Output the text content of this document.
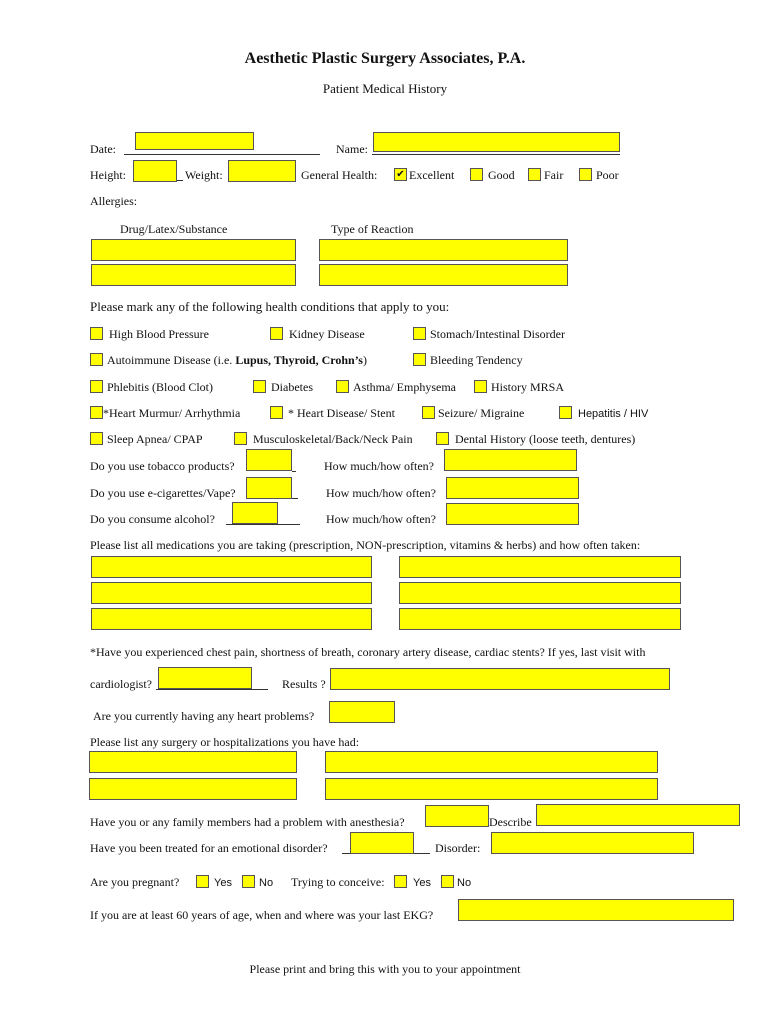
Aesthetic Plastic Surgery Associates, P.A.
Patient Medical History
Date:	Name:
Height:	Weight:	General Health: ✔ Excellent	Good Fair	Poor
Allergies:
Drug/Latex/Substance	Type of Reaction
Please mark any of the following health conditions that apply to you:
High Blood Pressure	Kidney Disease	Stomach/Intestinal Disorder
Autoimmune Disease (i.e. Lupus, Thyroid, Crohn’s)	Bleeding Tendency
Phlebitis (Blood Clot)	Diabetes	Asthma/ Emphysema	History MRSA
*Heart Murmur/ Arrhythmia	* Heart Disease/ Stent	Seizure/ Migraine	Hepatitis / HIV
Sleep Apnea/ CPAP	Musculoskeletal/Back/Neck Pain	Dental History (loose teeth, dentures)
Do you use tobacco products?	How much/how often?
Do you use e-cigarettes/Vape?	How much/how often?
Do you consume alcohol?	How much/how often?
Please list all medications you are taking (prescription, NON-prescription, vitamins & herbs) and how often taken:
*Have you experienced chest pain, shortness of breath, coronary artery disease, cardiac stents? If yes, last visit with
cardiologist?	Results ?
Are you currently having any heart problems?
Please list any surgery or hospitalizations you have had:
Have you or any family members had a problem with anesthesia?	Describe
Have you been treated for an emotional disorder?	Disorder:
Are you pregnant?	Yes No Trying to conceive:	Yes No
If you are at least 60 years of age, when and where was your last EKG?
Please print and bring this with you to your appointment
